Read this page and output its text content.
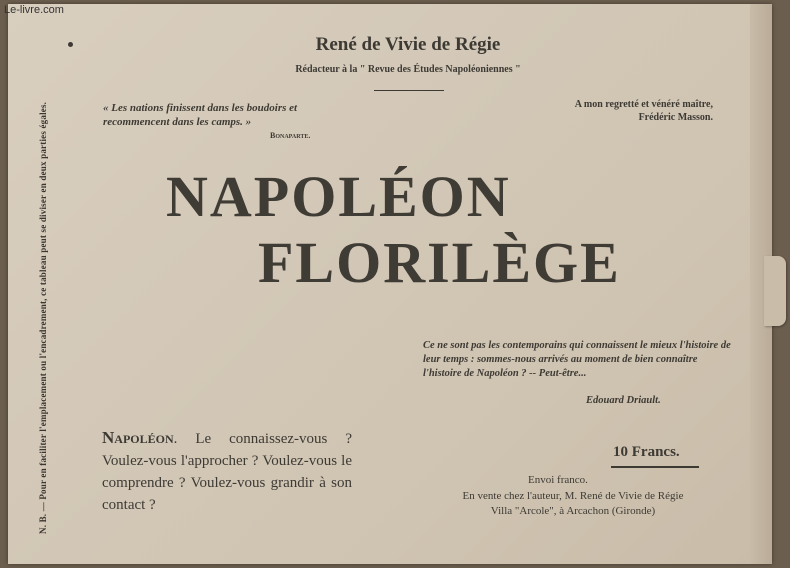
N. B. — Pour en faciliter l'emplacement ou l'encadrement, ce tableau peut se diviser en deux parties égales.
René de Vivie de Régie
Rédacteur à la " Revue des Études Napoléoniennes "
« Les nations finissent dans les boudoirs et recommencent dans les camps. »
Bonaparte.
A mon regretté et vénéré maître, Frédéric Masson.
NAPOLÉON
FLORILÈGE
Ce ne sont pas les contemporains qui connaissent le mieux l'histoire de leur temps : sommes-nous arrivés au moment de bien connaître l'histoire de Napoléon ? -- Peut-être...
Edouard Driault.
Napoléon. Le connaissez-vous ? Voulez-vous l'approcher ? Voulez-vous le comprendre ? Voulez-vous grandir à son contact ?
10 Francs.
Envoi franco.
En vente chez l'auteur, M. René de Vivie de Régie
Villa "Arcole", à Arcachon (Gironde)
Le-livre.com
